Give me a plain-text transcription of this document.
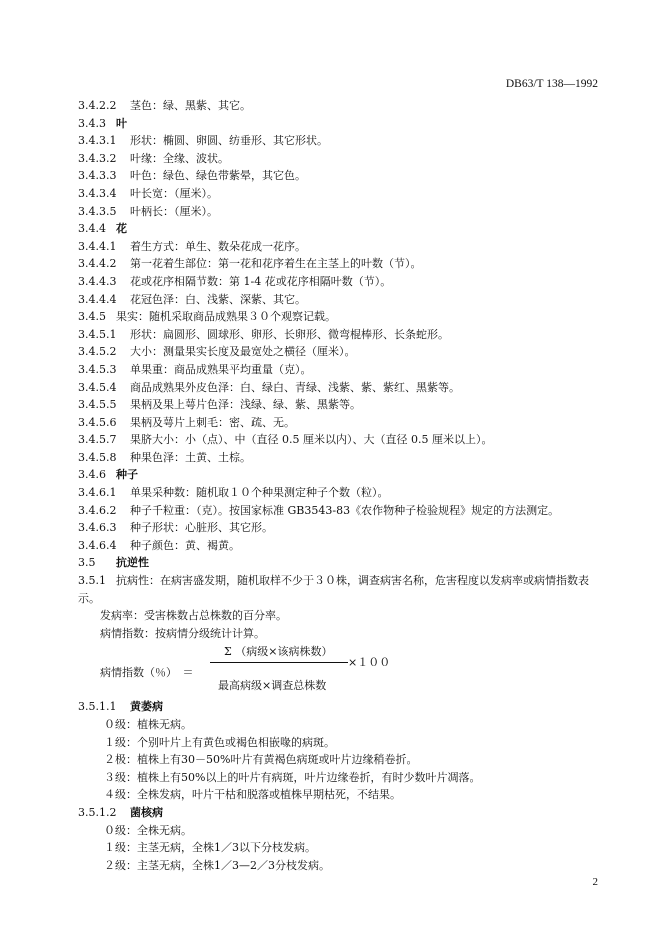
DB63/T 138—1992
3.4.2.2 茎色：绿、黑紫、其它。
3.4.3 叶
3.4.3.1 形状：椭圆、卵圆、纺垂形、其它形状。
3.4.3.2 叶缘：全缘、波状。
3.4.3.3 叶色：绿色、绿色带紫晕，其它色。
3.4.3.4 叶长宽：（厘米）。
3.4.3.5 叶柄长：（厘米）。
3.4.4 花
3.4.4.1 着生方式：单生、数朵花成一花序。
3.4.4.2 第一花着生部位：第一花和花序着生在主茎上的叶数（节）。
3.4.4.3 花或花序相隔节数：第 1-4 花或花序相隔叶数（节）。
3.4.4.4 花冠色泽：白、浅紫、深紫、其它。
3.4.5 果实：随机采取商品成熟果３０个观察记载。
3.4.5.1 形状：扁圆形、圆球形、卵形、长卵形、微弯棍棒形、长条蛇形。
3.4.5.2 大小：测量果实长度及最宽处之横径（厘米）。
3.4.5.3 单果重：商品成熟果平均重量（克）。
3.4.5.4 商品成熟果外皮色泽：白、绿白、青绿、浅紫、紫、紫红、黑紫等。
3.4.5.5 果柄及果上萼片色泽：浅绿、绿、紫、黑紫等。
3.4.5.6 果柄及萼片上刺毛：密、疏、无。
3.4.5.7 果脐大小：小（点）、中（直径 0.5 厘米以内）、大（直径 0.5 厘米以上）。
3.4.5.8 种果色泽：土黄、土棕。
3.4.6 种子
3.4.6.1 单果采种数：随机取１０个种果测定种子个数（粒）。
3.4.6.2 种子千粒重：（克）。按国家标准 GB3543-83《农作物种子检验规程》规定的方法测定。
3.4.6.3 种子形状：心脏形、其它形。
3.4.6.4 种子颜色：黄、褐黄。
3.5 抗逆性
3.5.1 抗病性：在病害盛发期，随机取样不少于３０株，调查病害名称，危害程度以发病率或病情指数表示。
发病率：受害株数占总株数的百分率。
病情指数：按病情分级统计计算。
病情指数（％）　＝
Σ （病级×该病株数）
最高病级×调查总株数
×１００
3.5.1.1 黄萎病
０级：植株无病。
１级：个别叶片上有黄色或褐色相嵌喙的病斑。
２极：植株上有30－50%叶片有黄褐色病斑或叶片边缘稍卷折。
３级：植株上有50%以上的叶片有病斑，叶片边缘卷折，有时少数叶片凋落。
４级：全株发病，叶片干枯和脱落或植株早期枯死，不结果。
3.5.1.2 菌核病
０级：全株无病。
１级：主茎无病，全株1／3以下分枝发病。
２级：主茎无病，全株1／3—2／3分枝发病。
2
